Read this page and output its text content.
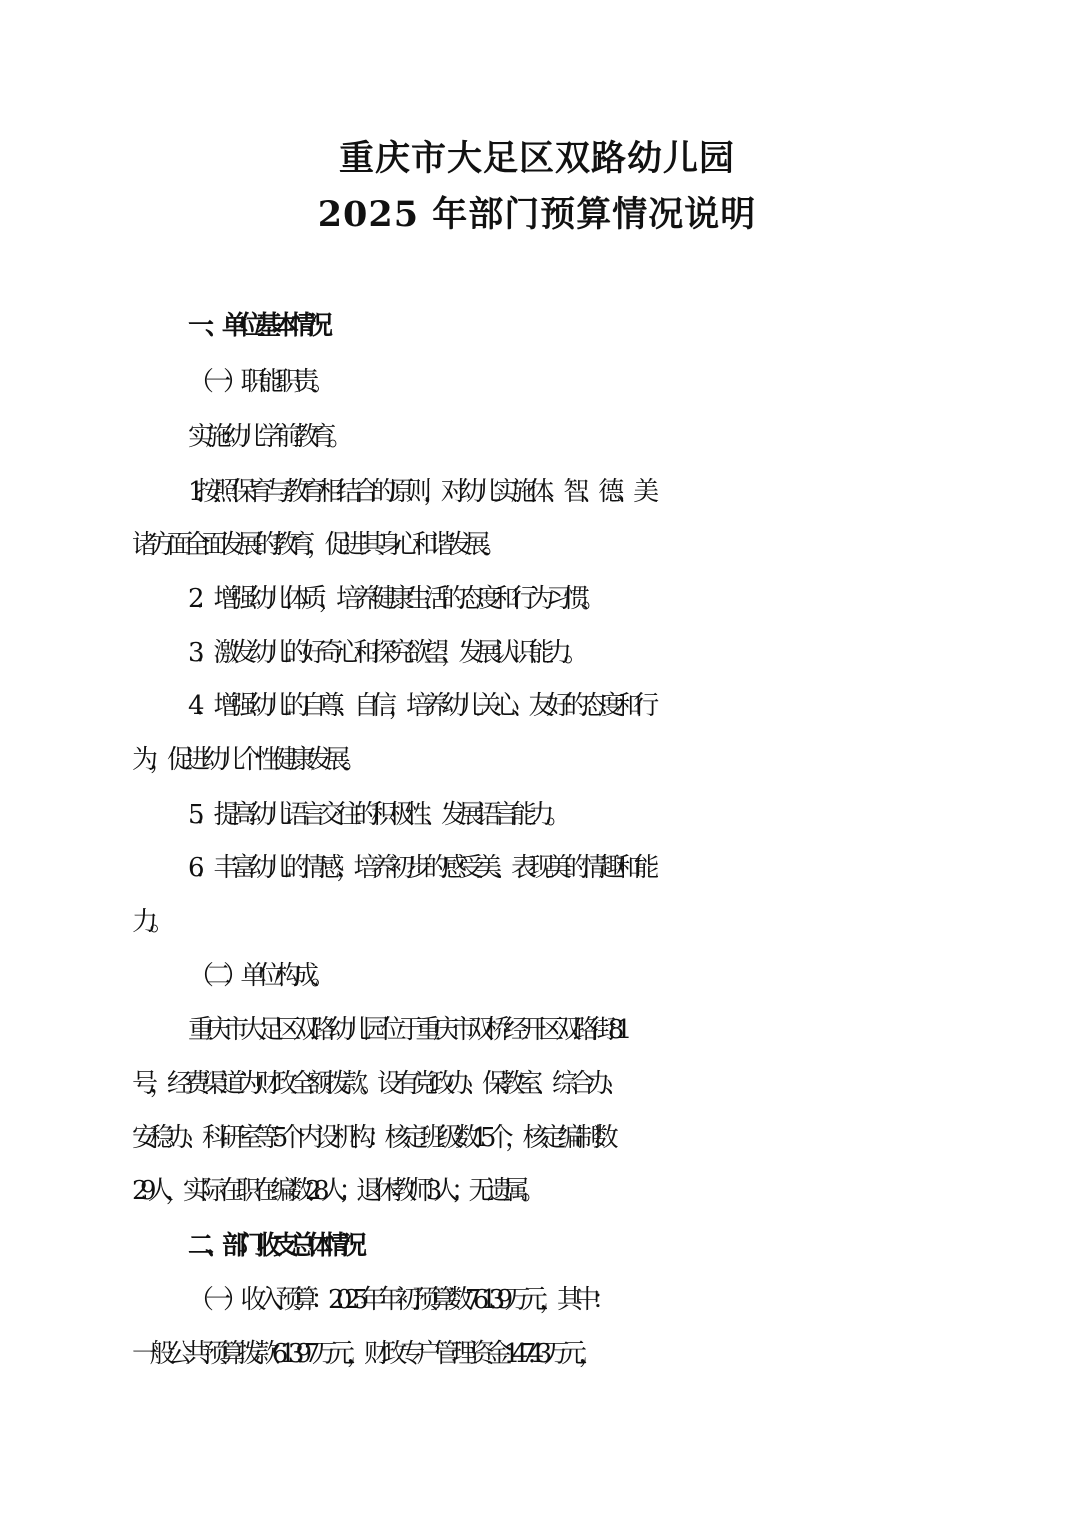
重庆市大足区双路幼儿园
2025 年部门预算情况说明
一、单位基本情况
（一）职能职责。
实施幼儿学前教育。
1.按照保育与教育相结合的原则，对幼儿实施体、智、德、 美
诸方面全面发展的教育，促进其身心和谐发展。
2．增强幼儿体质，培养健康生活的态度和行为习惯。
3．激发幼儿的好奇心和探究欲望，发展认识能力。
4．增强幼儿的自尊、自信，培养幼儿关心、友好的态度和 行
为，促进幼儿个性健康发展。
5．提高幼儿语言交往的积极性、发展语言能力。
6．丰富幼儿的情感，培养初步的感受美、表现美的情趣和能
力。
（二）单位构成。
重庆市大足区双路幼儿园位于重庆市双桥经开区双路街 81
号，经费渠道为财政全额拨款。设有党政办、保教室、综合办、
安稳办、科研室等 5 个内设机构：核定班级数 15 个，核定编制数
29 人，实际在职在编数 28 人；退休教师 3 人；无遗属。
二、部门收支总体情况
（一）收入预算：2025 年年初预算数 761.39 万元，其中：
一般公共预算拨款 613.97 万元，财政专户管理资金 147.43 万元，
